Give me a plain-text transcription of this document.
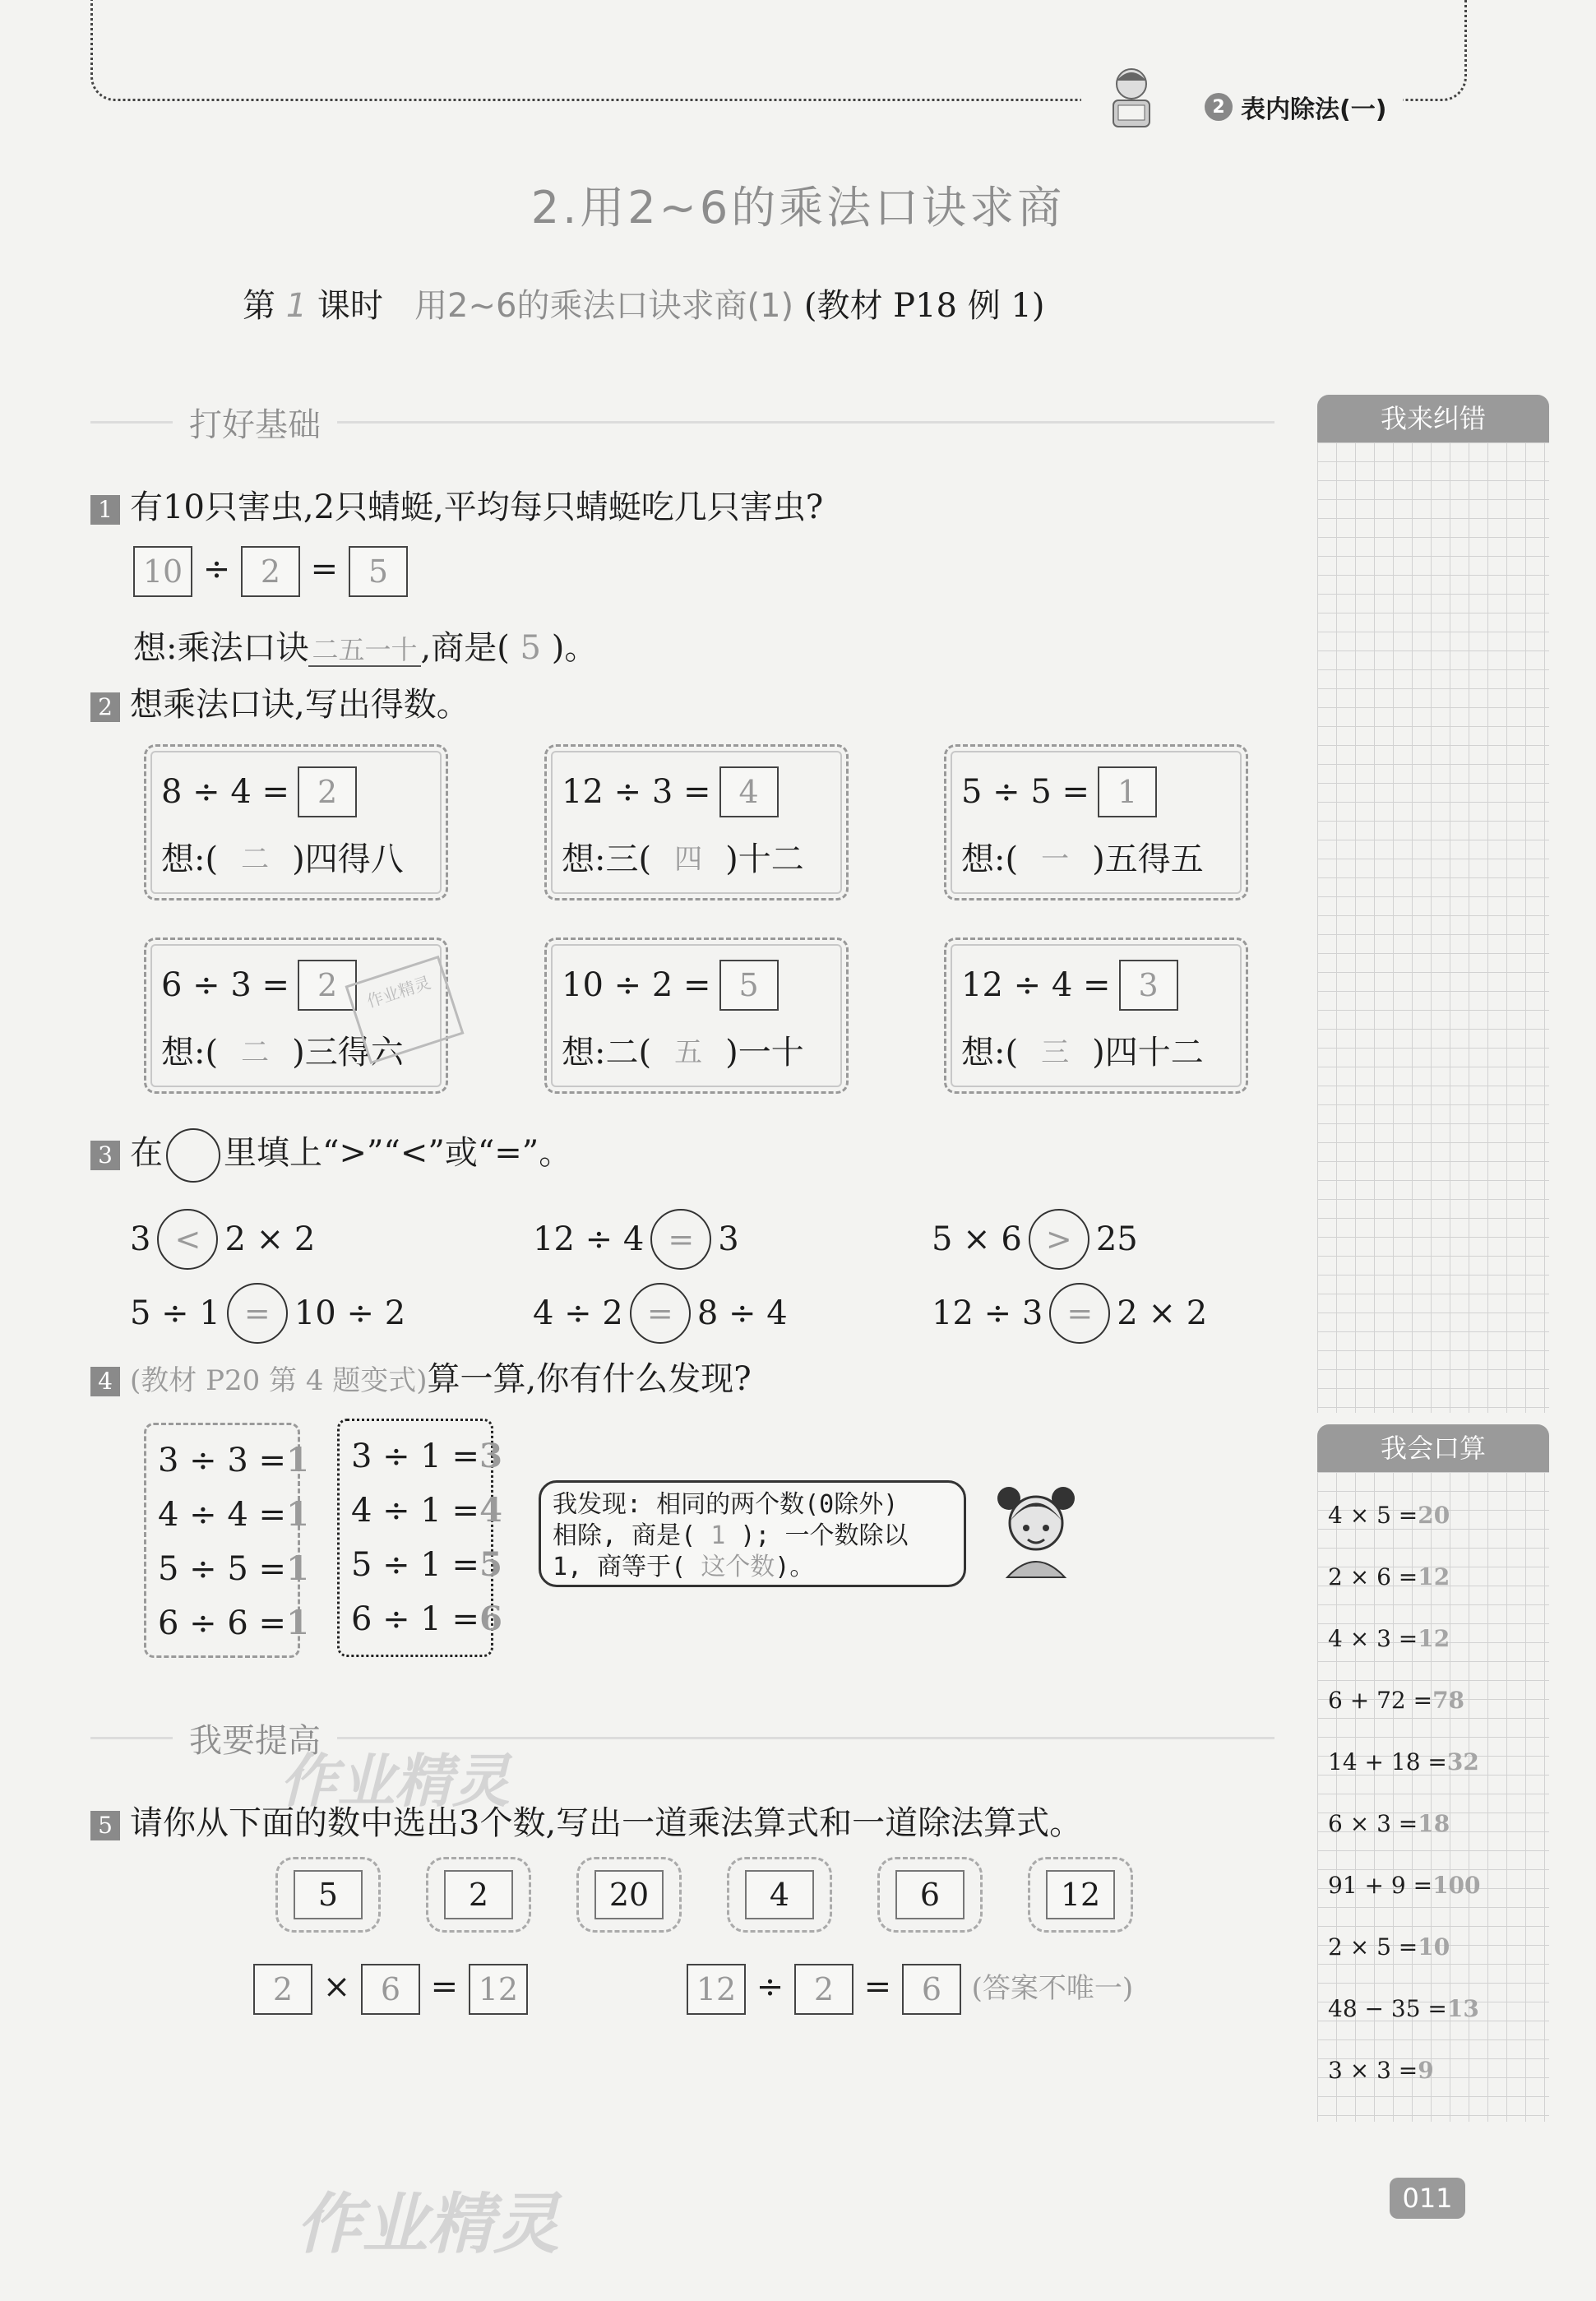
2 表内除法(一)
2.用2~6的乘法口诀求商
第 1 课时 用2~6的乘法口诀求商(1) (教材 P18 例 1)
打好基础	我来纠错
我会口算
1 有10只害虫,2只蜻蜓,平均每只蜻蜓吃几只害虫?
10 ÷ 2 = 5
想:乘法口诀 二五一十 ,商是( 5 )。
2 想乘法口诀,写出得数。
8 ÷ 4 = 2
想:( 二 )四得八
12 ÷ 3 = 4
想:三( 四 )十二
5 ÷ 5 = 1
想:( 一 )五得五
6 ÷ 3 = 2
想:( 二 )三得六
10 ÷ 2 = 5
想:二( 五 )一十
12 ÷ 4 = 3
想:( 三 )四十二
作业精灵
3 在 里填上“>”“<”或“=”。
3 < 2 × 2	12 ÷ 4 = 3	5 × 6 > 25
5 ÷ 1 = 10 ÷ 2	4 ÷ 2 = 8 ÷ 4	12 ÷ 3 = 2 × 2
4 (教材 P20 第 4 题变式)算一算,你有什么发现?
3 ÷ 3 =1
4 ÷ 4 =1
5 ÷ 5 =1
6 ÷ 6 =1
3 ÷ 1 =3
4 ÷ 1 =4
5 ÷ 1 =5
6 ÷ 1 =6
我发现: 相同的两个数(0除外)
相除, 商是( 1 ); 一个数除以
1, 商等于( 这个数)。
我要提高
作业精灵
5 请你从下面的数中选出3个数,写出一道乘法算式和一道除法算式。
5	2	20	4	6	12
2 × 6 = 12	12 ÷ 2 = 6 (答案不唯一)
4 × 5 =20
2 × 6 =12
4 × 3 =12
6 + 72 =78
14 + 18 =32
6 × 3 =18
91 + 9 =100
2 × 5 =10
48 − 35 =13
3 × 3 =9
作业精灵	011
